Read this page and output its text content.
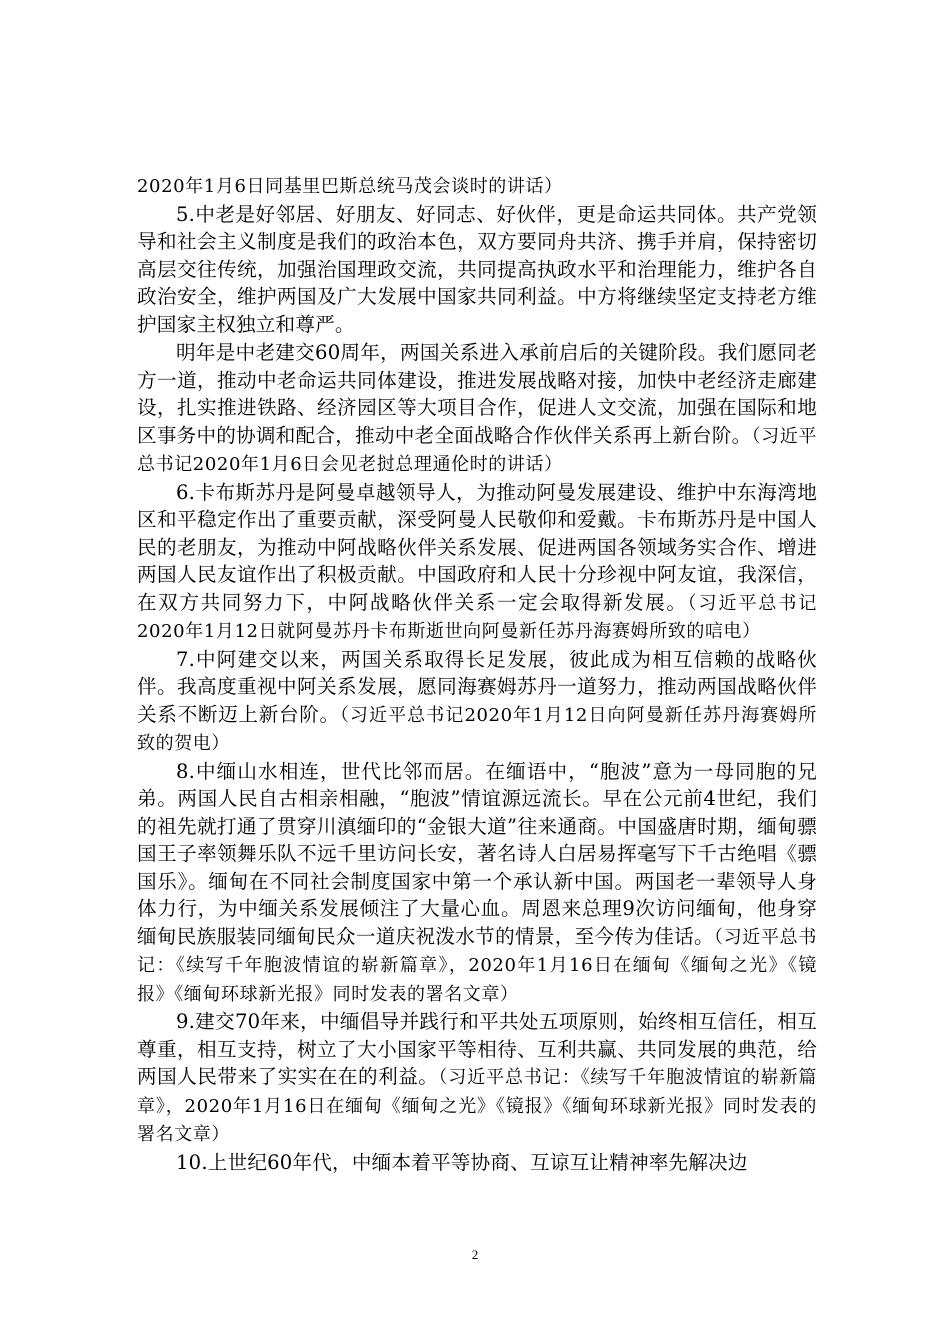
2020年1月6日同基里巴斯总统马茂会谈时的讲话）

5.中老是好邻居、好朋友、好同志、好伙伴，更是命运共同体。共产党领导和社会主义制度是我们的政治本色，双方要同舟共济、携手并肩，保持密切高层交往传统，加强治国理政交流，共同提高执政水平和治理能力，维护各自政治安全，维护两国及广大发展中国家共同利益。中方将继续坚定支持老方维护国家主权独立和尊严。

明年是中老建交60周年，两国关系进入承前启后的关键阶段。我们愿同老方一道，推动中老命运共同体建设，推进发展战略对接，加快中老经济走廊建设，扎实推进铁路、经济园区等大项目合作，促进人文交流，加强在国际和地区事务中的协调和配合，推动中老全面战略合作伙伴关系再上新台阶。（习近平总书记2020年1月6日会见老挝总理通伦时的讲话）

6.卡布斯苏丹是阿曼卓越领导人，为推动阿曼发展建设、维护中东海湾地区和平稳定作出了重要贡献，深受阿曼人民敬仰和爱戴。卡布斯苏丹是中国人民的老朋友，为推动中阿战略伙伴关系发展、促进两国各领域务实合作、增进两国人民友谊作出了积极贡献。中国政府和人民十分珍视中阿友谊，我深信，在双方共同努力下，中阿战略伙伴关系一定会取得新发展。（习近平总书记2020年1月12日就阿曼苏丹卡布斯逝世向阿曼新任苏丹海赛姆所致的唁电）

7.中阿建交以来，两国关系取得长足发展，彼此成为相互信赖的战略伙伴。我高度重视中阿关系发展，愿同海赛姆苏丹一道努力，推动两国战略伙伴关系不断迈上新台阶。（习近平总书记2020年1月12日向阿曼新任苏丹海赛姆所致的贺电）

8.中缅山水相连，世代比邻而居。在缅语中，“胞波”意为一母同胞的兄弟。两国人民自古相亲相融，“胞波”情谊源远流长。早在公元前4世纪，我们的祖先就打通了贯穿川滇缅印的“金银大道”往来通商。中国盛唐时期，缅甸骠国王子率领舞乐队不远千里访问长安，著名诗人白居易挥毫写下千古绝唱《骠国乐》。缅甸在不同社会制度国家中第一个承认新中国。两国老一辈领导人身体力行，为中缅关系发展倾注了大量心血。周恩来总理9次访问缅甸，他身穿缅甸民族服装同缅甸民众一道庆祝泼水节的情景，至今传为佳话。（习近平总书记：《续写千年胞波情谊的崭新篇章》，2020年1月16日在缅甸《缅甸之光》《镜报》《缅甸环球新光报》同时发表的署名文章）

9.建交70年来，中缅倡导并践行和平共处五项原则，始终相互信任，相互尊重，相互支持，树立了大小国家平等相待、互利共赢、共同发展的典范，给两国人民带来了实实在在的利益。（习近平总书记：《续写千年胞波情谊的崭新篇章》，2020年1月16日在缅甸《缅甸之光》《镜报》《缅甸环球新光报》同时发表的署名文章）

10.上世纪60年代，中缅本着平等协商、互谅互让精神率先解决边

2
